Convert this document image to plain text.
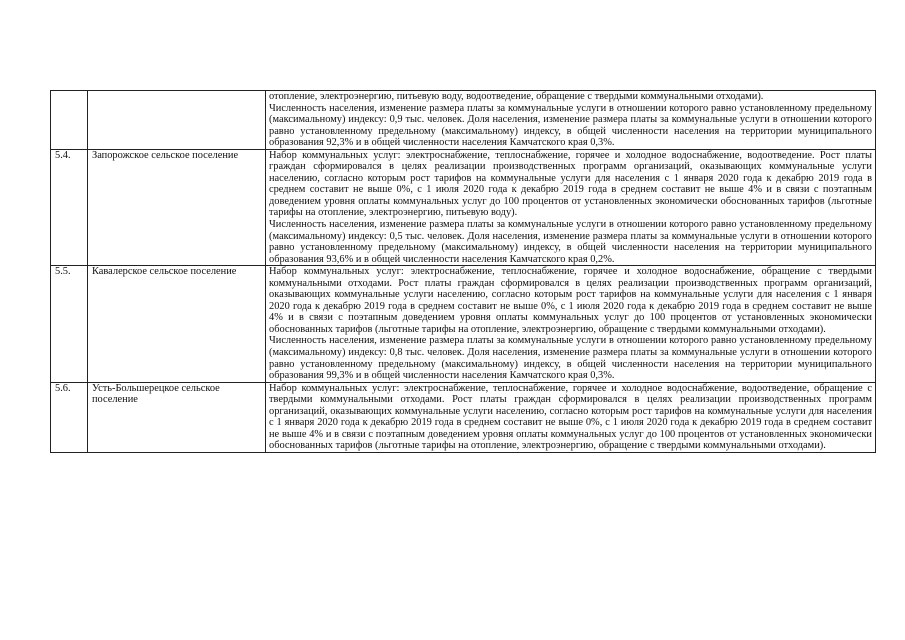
		отопление, электроэнергию, питьевую воду, водоотведение, обращение с твердыми коммунальными отходами).

Численность населения, изменение размера платы за коммунальные услуги в отношении которого равно установленному предельному (максимальному) индексу: 0,9 тыс. человек. Доля населения, изменение размера платы за коммунальные услуги в отношении которого равно установленному предельному (максимальному) индексу, в общей численности населения на территории муниципального образования 92,3% и в общей численности населения Камчатского края 0,3%.

5.4.	Запорожское сельское поселение	Набор коммунальных услуг: электроснабжение, теплоснабжение, горячее и холодное водоснабжение, водоотведение. Рост платы граждан сформировался в целях реализации производственных программ организаций, оказывающих коммунальные услуги населению, согласно которым рост тарифов на коммунальные услуги для населения с 1 января 2020 года к декабрю 2019 года в среднем составит не выше 0%, с 1 июля 2020 года к декабрю 2019 года в среднем составит не выше 4% и в связи с поэтапным доведением уровня оплаты коммунальных услуг до 100 процентов от установленных экономически обоснованных тарифов (льготные тарифы на отопление, электроэнергию, питьевую воду).

Численность населения, изменение размера платы за коммунальные услуги в отношении которого равно установленному предельному (максимальному) индексу: 0,5 тыс. человек. Доля населения, изменение размера платы за коммунальные услуги в отношении которого равно установленному предельному (максимальному) индексу, в общей численности населения на территории муниципального образования 93,6% и в общей численности населения Камчатского края 0,2%.

5.5.	Кавалерское сельское поселение	Набор коммунальных услуг: электроснабжение, теплоснабжение, горячее и холодное водоснабжение, обращение с твердыми коммунальными отходами. Рост платы граждан сформировался в целях реализации производственных программ организаций, оказывающих коммунальные услуги населению, согласно которым рост тарифов на коммунальные услуги для населения с 1 января 2020 года к декабрю 2019 года в среднем составит не выше 0%, с 1 июля 2020 года к декабрю 2019 года в среднем составит не выше 4% и в связи с поэтапным доведением уровня оплаты коммунальных услуг до 100 процентов от установленных экономически обоснованных тарифов (льготные тарифы на отопление, электроэнергию, обращение с твердыми коммунальными отходами).

Численность населения, изменение размера платы за коммунальные услуги в отношении которого равно установленному предельному (максимальному) индексу: 0,8 тыс. человек. Доля населения, изменение размера платы за коммунальные услуги в отношении которого равно установленному предельному (максимальному) индексу, в общей численности населения на территории муниципального образования 99,3% и в общей численности населения Камчатского края 0,3%.

5.6.	Усть-Большерецкое сельское поселение	Набор коммунальных услуг: электроснабжение, теплоснабжение, горячее и холодное водоснабжение, водоотведение, обращение с твердыми коммунальными отходами. Рост платы граждан сформировался в целях реализации производственных программ организаций, оказывающих коммунальные услуги населению, согласно которым рост тарифов на коммунальные услуги для населения с 1 января 2020 года к декабрю 2019 года в среднем составит не выше 0%, с 1 июля 2020 года к декабрю 2019 года в среднем составит не выше 4% и в связи с поэтапным доведением уровня оплаты коммунальных услуг до 100 процентов от установленных экономически обоснованных тарифов (льготные тарифы на отопление, электроэнергию, обращение с твердыми коммунальными отходами).
